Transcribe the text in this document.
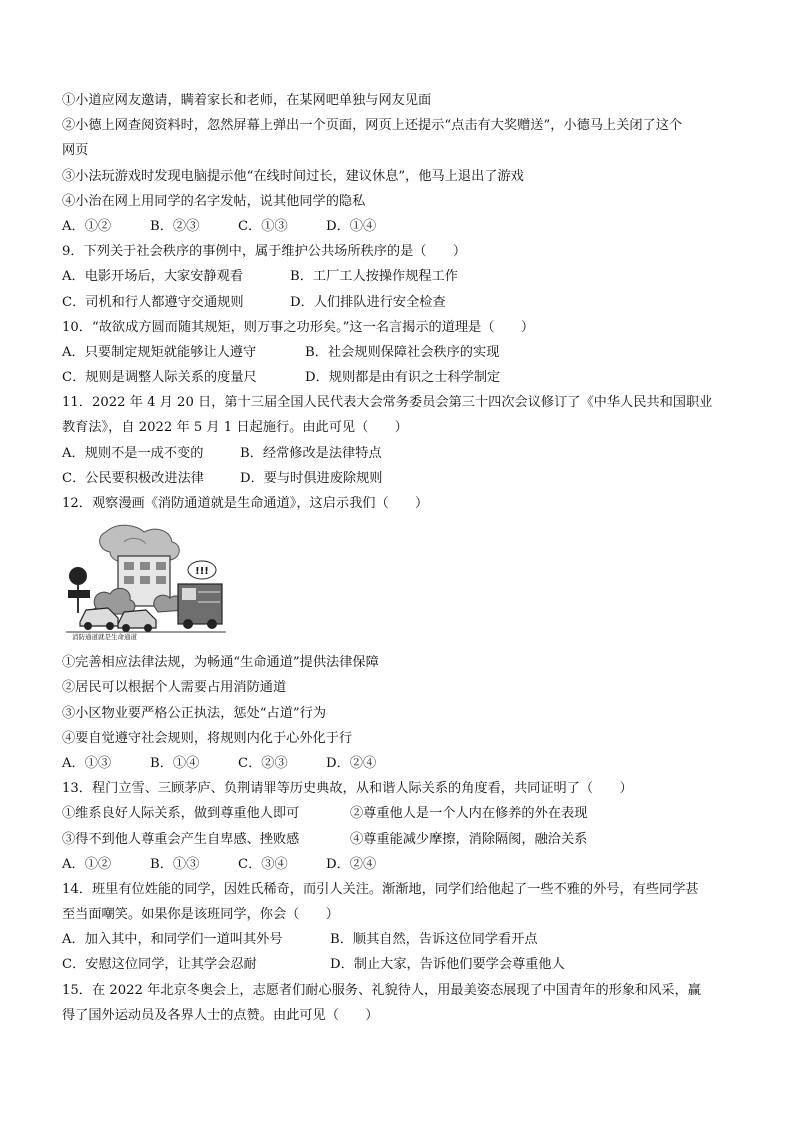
①小道应网友邀请，瞒着家长和老师，在某网吧单独与网友见面
②小德上网查阅资料时，忽然屏幕上弹出一个页面，网页上还提示“点击有大奖赠送”，小德马上关闭了这个
网页
③小法玩游戏时发现电脑提示他“在线时间过长，建议休息”，他马上退出了游戏
④小治在网上用同学的名字发帖，说其他同学的隐私
A．①②	B．②③	C．①③	D．①④
9．下列关于社会秩序的事例中，属于维护公共场所秩序的是（　　）
A．电影开场后，大家安静观看	B．工厂工人按操作规程工作
C．司机和行人都遵守交通规则	D．人们排队进行安全检查
10．“故欲成方圆而随其规矩，则万事之功形矣。”这一名言揭示的道理是（　　）
A．只要制定规矩就能够让人遵守	B．社会规则保障社会秩序的实现
C．规则是调整人际关系的度量尺	D．规则都是由有识之士科学制定
11．2022 年 4 月 20 日，第十三届全国人民代表大会常务委员会第三十四次会议修订了《中华人民共和国职业
教育法》，自 2022 年 5 月 1 日起施行。由此可见（　　）
A．规则不是一成不变的	B．经常修改是法律特点
C．公民要积极改进法律	D．要与时俱进废除规则
12．观察漫画《消防通道就是生命通道》，这启示我们（　　）
!!!
消防通道就是生命通道
①完善相应法律法规，为畅通“生命通道”提供法律保障
②居民可以根据个人需要占用消防通道
③小区物业要严格公正执法，惩处“占道”行为
④要自觉遵守社会规则，将规则内化于心外化于行
A．①③	B．①④	C．②③	D．②④
13．程门立雪、三顾茅庐、负荆请罪等历史典故，从和谐人际关系的角度看，共同证明了（　　）
①维系良好人际关系，做到尊重他人即可	②尊重他人是一个人内在修养的外在表现
③得不到他人尊重会产生自卑感、挫败感	④尊重能减少摩擦，消除隔阂，融洽关系
A．①②	B．①③	C．③④	D．②④
14．班里有位姓能的同学，因姓氏稀奇，而引人关注。渐渐地，同学们给他起了一些不雅的外号，有些同学甚
至当面嘲笑。如果你是该班同学，你会（　　）
A．加入其中，和同学们一道叫其外号	B．顺其自然，告诉这位同学看开点
C．安慰这位同学，让其学会忍耐	D．制止大家，告诉他们要学会尊重他人
15．在 2022 年北京冬奥会上，志愿者们耐心服务、礼貌待人，用最美姿态展现了中国青年的形象和风采，赢
得了国外运动员及各界人士的点赞。由此可见（　　）
